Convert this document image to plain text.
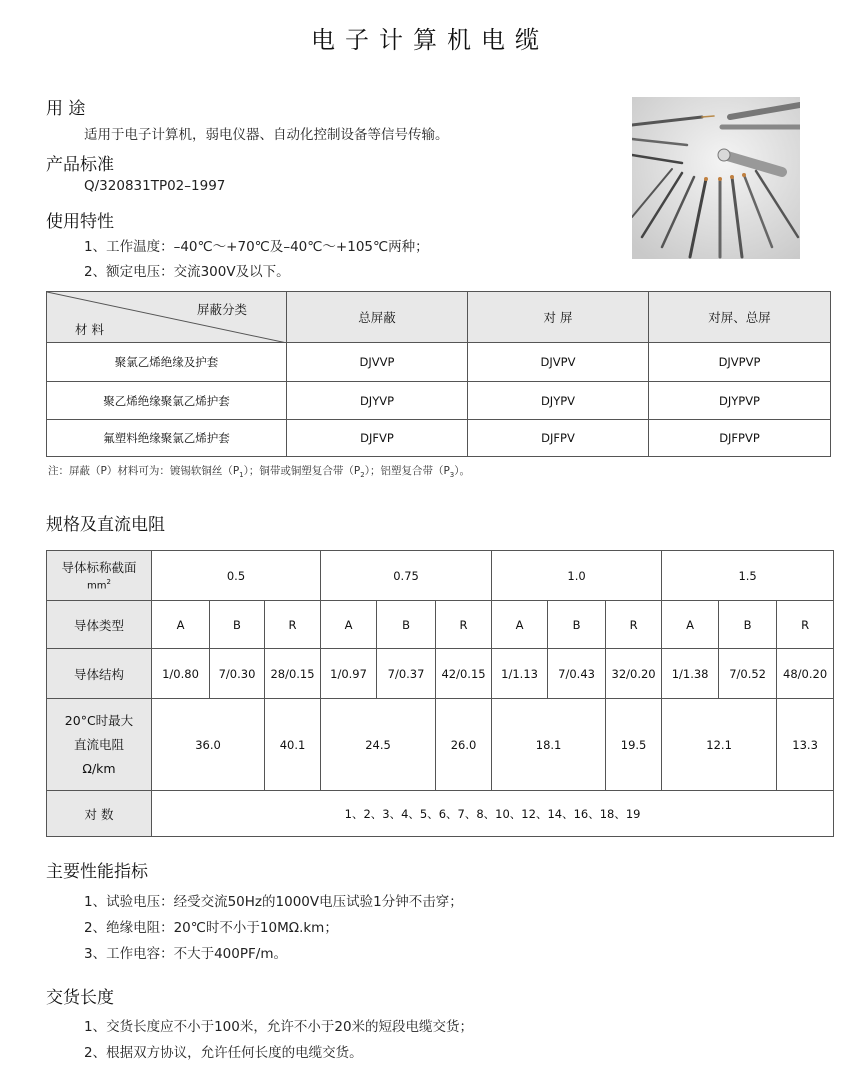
电子计算机电缆
用 途
适用于电子计算机，弱电仪器、自动化控制设备等信号传输。
产品标准
Q/320831TP02–1997
使用特性
1、工作温度：–40℃～+70℃及–40℃～+105℃两种；
2、额定电压：交流300V及以下。
屏蔽分类
材 料	总屏蔽	对 屏	对屏、总屏
聚氯乙烯绝缘及护套	DJVVP	DJVPV	DJVPVP
聚乙烯绝缘聚氯乙烯护套	DJYVP	DJYPV	DJYPVP
氟塑料绝缘聚氯乙烯护套	DJFVP	DJFPV	DJFPVP
注：屏蔽（P）材料可为：镀锡软铜丝$(P_1)$；铜带或铜塑复合带$(P_2)$；铝塑复合带$(P_3)$。
规格及直流电阻
导体标称截面
$mm^2$	0.5			0.75			1.0			1.5		
导体类型	A	B	R	A	B	R	A	B	R	A	B	R
导体结构	1/0.80	7/0.30	28/0.15	1/0.97	7/0.37	42/0.15	1/1.13	7/0.43	32/0.20	1/1.38	7/0.52	48/0.20

20°C时最大
直流电阻
Ω/km	36.0		40.1	24.5		26.0	18.1		19.5	12.1		13.3
对 数	1、2、3、4、5、6、7、8、10、12、14、16、18、19											
主要性能指标
1、试验电压：经受交流50Hz的1000V电压试验1分钟不击穿；
2、绝缘电阻：20℃时不小于10MΩ.km；
3、工作电容：不大于400PF/m。
交货长度
1、交货长度应不小于100米，允许不小于20米的短段电缆交货；
2、根据双方协议，允许任何长度的电缆交货。
